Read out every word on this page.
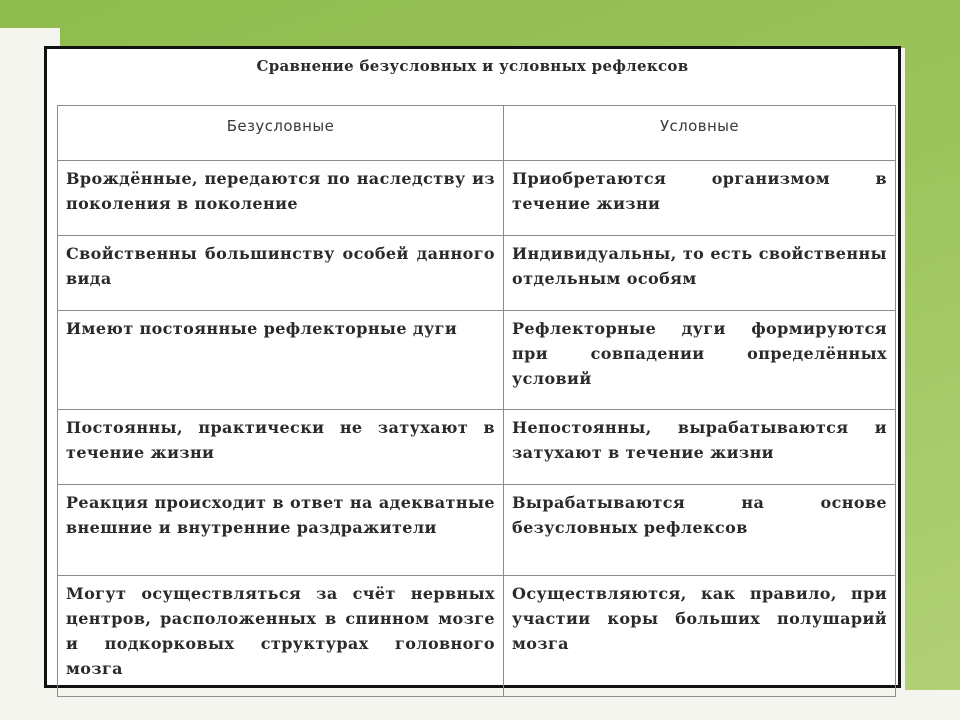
Сравнение безусловных и условных рефлексов
Безусловные	Условные
Врождённые, передаются по наследству из поколения в поколение	Приобретаются организмом в течение жизни
Свойственны большинству особей данного вида	Индивидуальны, то есть свойственны отдельным особям
Имеют постоянные рефлекторные дуги	Рефлекторные дуги формируются при совпадении определённых условий
Постоянны, практически не затухают в течение жизни	Непостоянны, вырабатываются и затухают в течение жизни
Реакция происходит в ответ на адекватные внешние и внутренние раздражители	Вырабатываются на основе безусловных рефлексов
Могут осуществляться за счёт нервных центров, расположенных в спинном мозге и подкорковых структурах головного мозга	Осуществляются, как правило, при участии коры больших полушарий мозга
